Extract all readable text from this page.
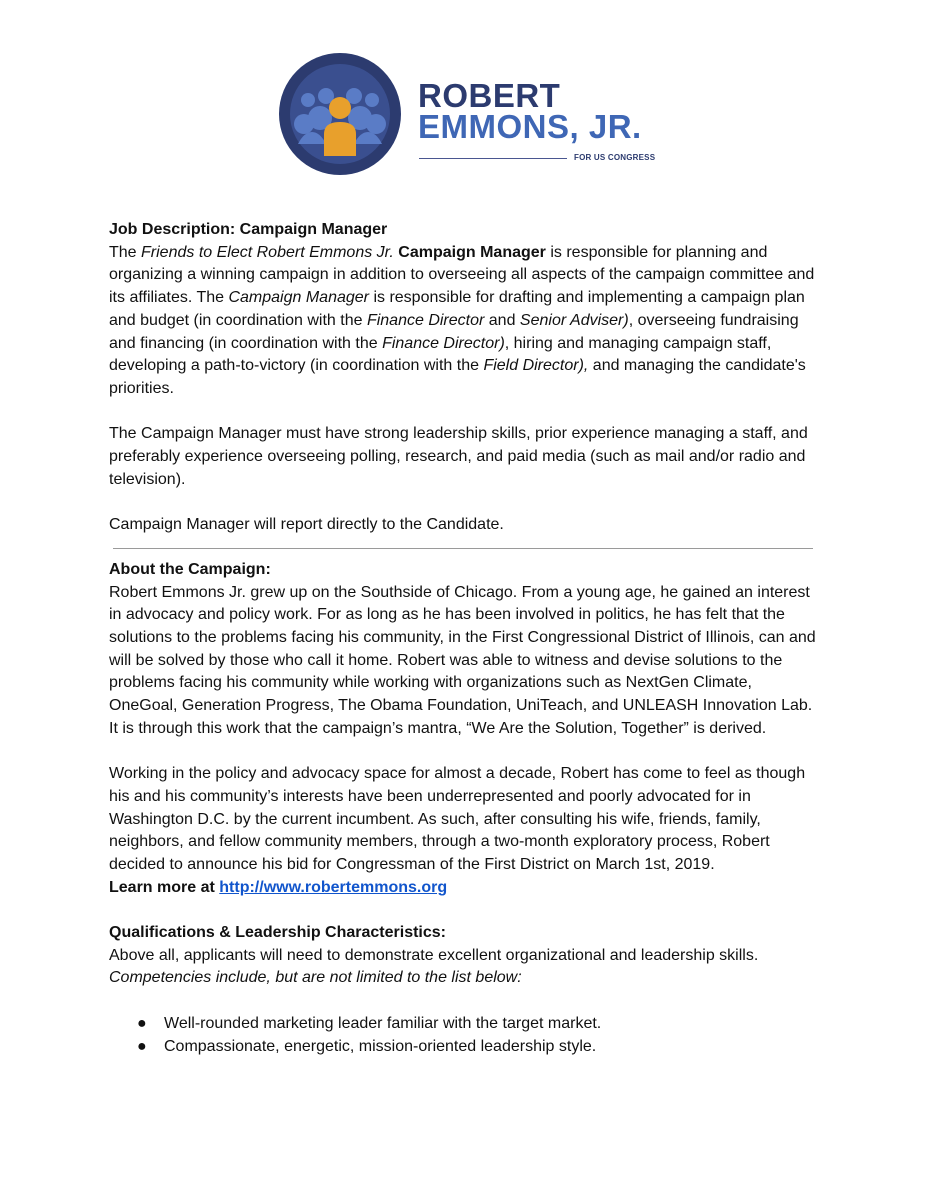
ROBERT
EMMONS, JR.
FOR US CONGRESS

Job Description: Campaign Manager

The Friends to Elect Robert Emmons Jr. Campaign Manager is responsible for planning and organizing a winning campaign in addition to overseeing all aspects of the campaign committee and its affiliates. The Campaign Manager is responsible for drafting and implementing a campaign plan and budget (in coordination with the Finance Director and Senior Adviser), overseeing fundraising and financing (in coordination with the Finance Director), hiring and managing campaign staff, developing a path-to-victory (in coordination with the Field Director), and managing the candidate's priorities.

The Campaign Manager must have strong leadership skills, prior experience managing a staff, and preferably experience overseeing polling, research, and paid media (such as mail and/or radio and television).

Campaign Manager will report directly to the Candidate.

About the Campaign:

Robert Emmons Jr. grew up on the Southside of Chicago. From a young age, he gained an interest in advocacy and policy work. For as long as he has been involved in politics, he has felt that the solutions to the problems facing his community, in the First Congressional District of Illinois, can and will be solved by those who call it home. Robert was able to witness and devise solutions to the problems facing his community while working with organizations such as NextGen Climate, OneGoal, Generation Progress, The Obama Foundation, UniTeach, and UNLEASH Innovation Lab. It is through this work that the campaign’s mantra, “We Are the Solution, Together” is derived.

Working in the policy and advocacy space for almost a decade, Robert has come to feel as though his and his community’s interests have been underrepresented and poorly advocated for in Washington D.C. by the current incumbent. As such, after consulting his wife, friends, family, neighbors, and fellow community members, through a two-month exploratory process, Robert decided to announce his bid for Congressman of the First District on March 1st, 2019.

Learn more at http://www.robertemmons.org

Qualifications & Leadership Characteristics:

Above all, applicants will need to demonstrate excellent organizational and leadership skills.

Competencies include, but are not limited to the list below:

● Well-rounded marketing leader familiar with the target market.
● Compassionate, energetic, mission-oriented leadership style.
